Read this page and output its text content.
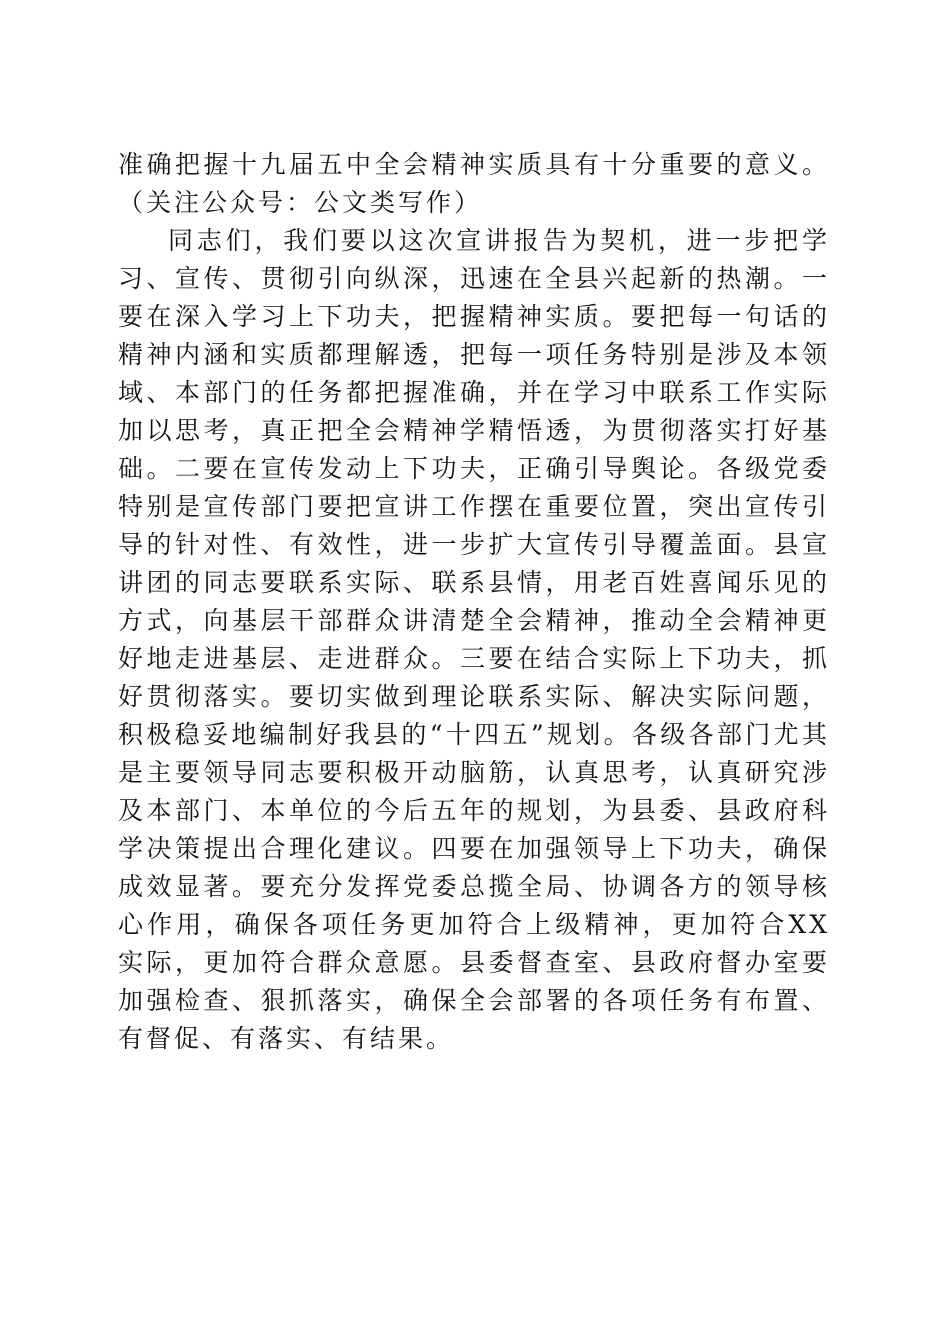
准确把握十九届五中全会精神实质具有十分重要的意义。（关注公众号：公文类写作）

同志们，我们要以这次宣讲报告为契机，进一步把学习、宣传、贯彻引向纵深，迅速在全县兴起新的热潮。一要在深入学习上下功夫，把握精神实质。要把每一句话的精神内涵和实质都理解透，把每一项任务特别是涉及本领域、本部门的任务都把握准确，并在学习中联系工作实际加以思考，真正把全会精神学精悟透，为贯彻落实打好基础。二要在宣传发动上下功夫，正确引导舆论。各级党委特别是宣传部门要把宣讲工作摆在重要位置，突出宣传引导的针对性、有效性，进一步扩大宣传引导覆盖面。县宣讲团的同志要联系实际、联系县情，用老百姓喜闻乐见的方式，向基层干部群众讲清楚全会精神，推动全会精神更好地走进基层、走进群众。三要在结合实际上下功夫，抓好贯彻落实。要切实做到理论联系实际、解决实际问题，积极稳妥地编制好我县的“十四五”规划。各级各部门尤其是主要领导同志要积极开动脑筋，认真思考，认真研究涉及本部门、本单位的今后五年的规划，为县委、县政府科学决策提出合理化建议。四要在加强领导上下功夫，确保成效显著。要充分发挥党委总揽全局、协调各方的领导核心作用，确保各项任务更加符合上级精神，更加符合XX实际，更加符合群众意愿。县委督查室、县政府督办室要加强检查、狠抓落实，确保全会部署的各项任务有布置、有督促、有落实、有结果。
